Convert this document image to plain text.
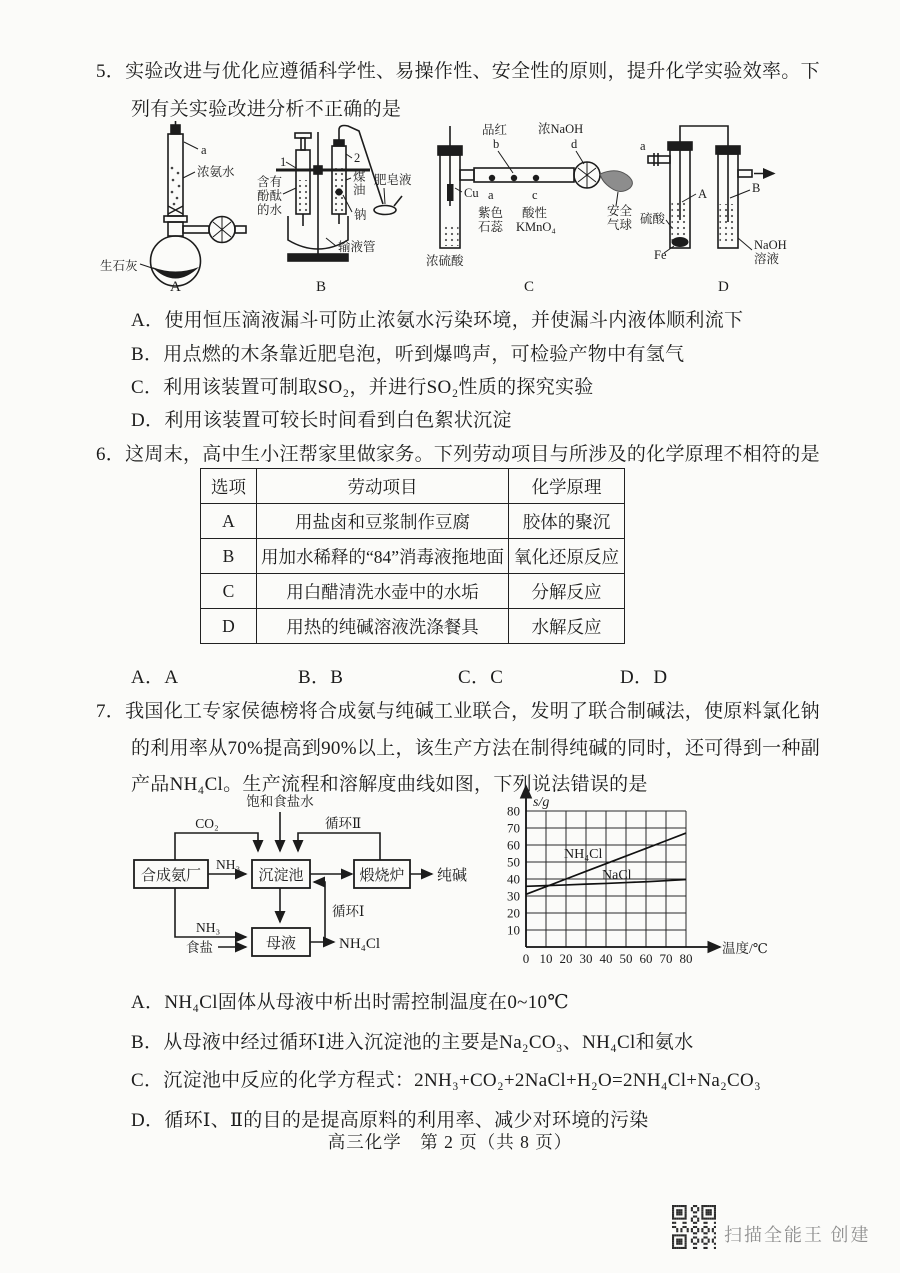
5．实验改进与优化应遵循科学性、易操作性、安全性的原则，提升化学实验效率。下
列有关实验改进分析不正确的是
a
浓氨水
生石灰
A
1	2
煤
油
钠
含有
酚酞
的水
输液管
肥皂液
B
品红
b
浓NaOH
d
Cu a	c
紫色
石蕊
酸性
KMnO₄
安全
气球
浓硫酸
C
a
A	B
硫酸
Fe
NaOH
溶液
D
A．使用恒压滴液漏斗可防止浓氨水污染环境，并使漏斗内液体顺利流下
B．用点燃的木条靠近肥皂泡，听到爆鸣声，可检验产物中有氢气
C．利用该装置可制取SO₂，并进行SO₂性质的探究实验
D．利用该装置可较长时间看到白色絮状沉淀
6．这周末，高中生小汪帮家里做家务。下列劳动项目与所涉及的化学原理不相符的是
选项	劳动项目	化学原理
A	用盐卤和豆浆制作豆腐	胶体的聚沉
B	用加水稀释的“84”消毒液拖地面	氧化还原反应
C	用白醋清洗水壶中的水垢	分解反应
D	用热的纯碱溶液洗涤餐具	水解反应
A．A	B．B	C．C	D．D
7．我国化工专家侯德榜将合成氨与纯碱工业联合，发明了联合制碱法，使原料氯化钠
的利用率从70%提高到90%以上，该生产方法在制得纯碱的同时，还可得到一种副
产品NH₄Cl。生产流程和溶解度曲线如图，下列说法错误的是
合成氨厂	沉淀池	煅烧炉
母液
CO₂
饱和食盐水
循环Ⅱ
NH₃
纯碱
循环Ⅰ
NH₃
食盐	NH₄Cl
s/g
温度/℃
0 10 20 30 40 50 60 70 80
10
20
30
40
50
60
70
80
NH₄Cl
NaCl
A．NH₄Cl固体从母液中析出时需控制温度在0~10℃
B．从母液中经过循环Ⅰ进入沉淀池的主要是Na₂CO₃、NH₄Cl和氨水
C．沉淀池中反应的化学方程式：2NH₃+CO₂+2NaCl+H₂O=2NH₄Cl+Na₂CO₃
D．循环Ⅰ、Ⅱ的目的是提高原料的利用率、减少对环境的污染
高三化学　第 2 页（共 8 页）
扫描全能王 创建
